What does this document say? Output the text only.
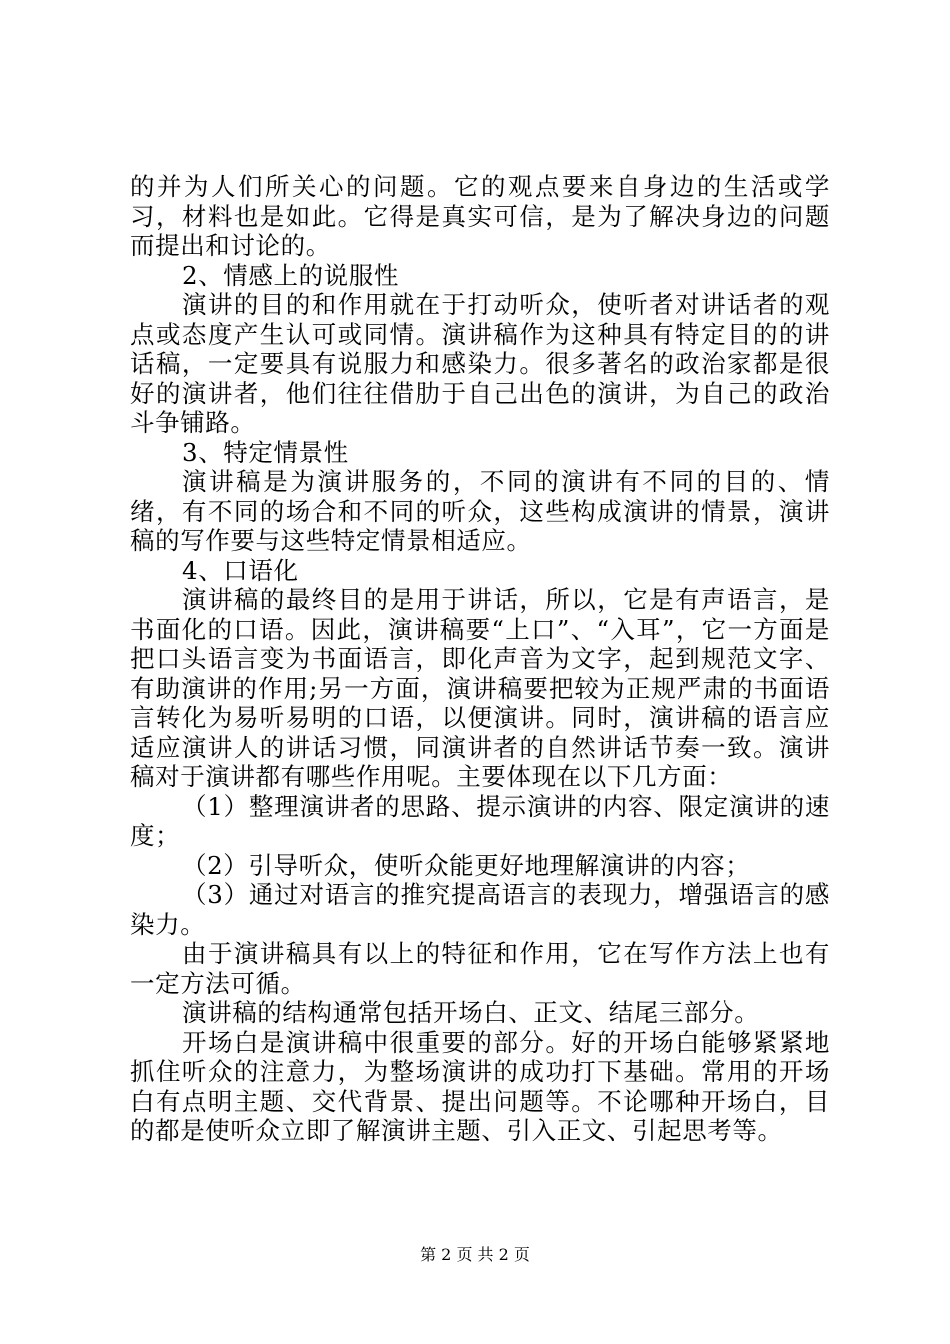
的并为人们所关心的问题。它的观点要来自身边的生活或学习，材料也是如此。它得是真实可信，是为了解决身边的问题而提出和讨论的。

2、情感上的说服性

演讲的目的和作用就在于打动听众，使听者对讲话者的观点或态度产生认可或同情。演讲稿作为这种具有特定目的的讲话稿，一定要具有说服力和感染力。很多著名的政治家都是很好的演讲者，他们往往借肋于自己出色的演讲，为自己的政治斗争铺路。

3、特定情景性

演讲稿是为演讲服务的，不同的演讲有不同的目的、情绪，有不同的场合和不同的听众，这些构成演讲的情景，演讲稿的写作要与这些特定情景相适应。

4、口语化

演讲稿的最终目的是用于讲话，所以，它是有声语言，是书面化的口语。因此，演讲稿要“上口”、“入耳”，它一方面是把口头语言变为书面语言，即化声音为文字，起到规范文字、有助演讲的作用;另一方面，演讲稿要把较为正规严肃的书面语言转化为易听易明的口语，以便演讲。同时，演讲稿的语言应适应演讲人的讲话习惯，同演讲者的自然讲话节奏一致。演讲稿对于演讲都有哪些作用呢。主要体现在以下几方面：

（1）整理演讲者的思路、提示演讲的内容、限定演讲的速度；

（2）引导听众，使听众能更好地理解演讲的内容；

（3）通过对语言的推究提高语言的表现力，增强语言的感染力。

由于演讲稿具有以上的特征和作用，它在写作方法上也有一定方法可循。

演讲稿的结构通常包括开场白、正文、结尾三部分。

开场白是演讲稿中很重要的部分。好的开场白能够紧紧地抓住听众的注意力，为整场演讲的成功打下基础。常用的开场白有点明主题、交代背景、提出问题等。不论哪种开场白，目的都是使听众立即了解演讲主题、引入正文、引起思考等。

第 2 页 共 2 页
